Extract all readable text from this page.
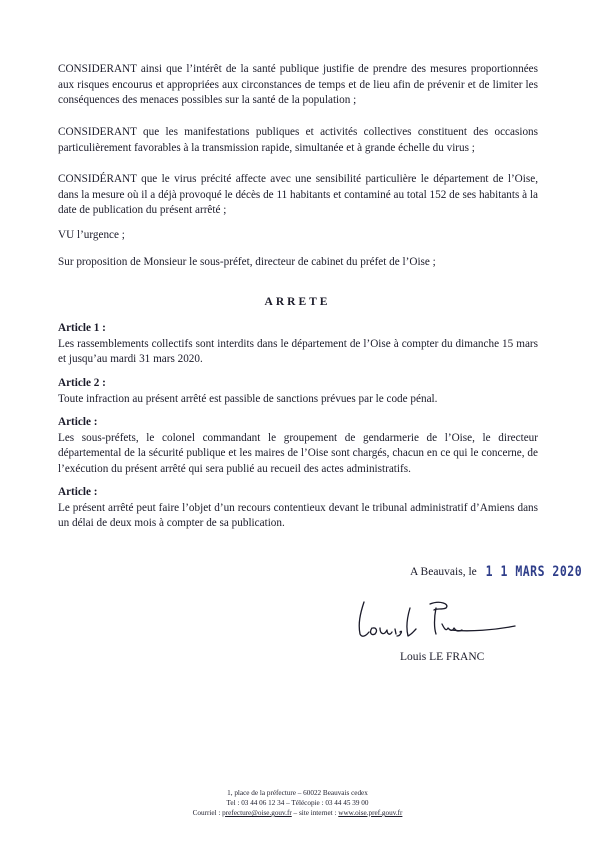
CONSIDERANT ainsi que l’intérêt de la santé publique justifie de prendre des mesures proportionnées aux risques encourus et appropriées aux circonstances de temps et de lieu afin de prévenir et de limiter les conséquences des menaces possibles sur la santé de la population ;

CONSIDERANT que les manifestations publiques et activités collectives constituent des occasions particulièrement favorables à la transmission rapide, simultanée et à grande échelle du virus ;

CONSIDÉRANT que le virus précité affecte avec une sensibilité particulière le département de l’Oise, dans la mesure où il a déjà provoqué le décès de 11 habitants et contaminé au total 152 de ses habitants à la date de publication du présent arrêté ;

VU l’urgence ;

Sur proposition de Monsieur le sous-préfet, directeur de cabinet du préfet de l’Oise ;

ARRETE

Article 1 :

Les rassemblements collectifs sont interdits dans le département de l’Oise à compter du dimanche 15 mars et jusqu’au mardi 31 mars 2020.

Article 2 :

Toute infraction au présent arrêté est passible de sanctions prévues par le code pénal.

Article :

Les sous-préfets, le colonel commandant le groupement de gendarmerie de l’Oise, le directeur départemental de la sécurité publique et les maires de l’Oise sont chargés, chacun en ce qui le concerne, de l’exécution du présent arrêté qui sera publié au recueil des actes administratifs.

Article :

Le présent arrêté peut faire l’objet d’un recours contentieux devant le tribunal administratif d’Amiens dans un délai de deux mois à compter de sa publication.

A Beauvais, le 1 1 MARS 2020
Louis LE FRANC
1, place de la préfecture – 60022 Beauvais cedex
Tel : 03 44 06 12 34 – Télécopie : 03 44 45 39 00
Courriel : prefecture@oise.gouv.fr – site internet : www.oise.pref.gouv.fr
